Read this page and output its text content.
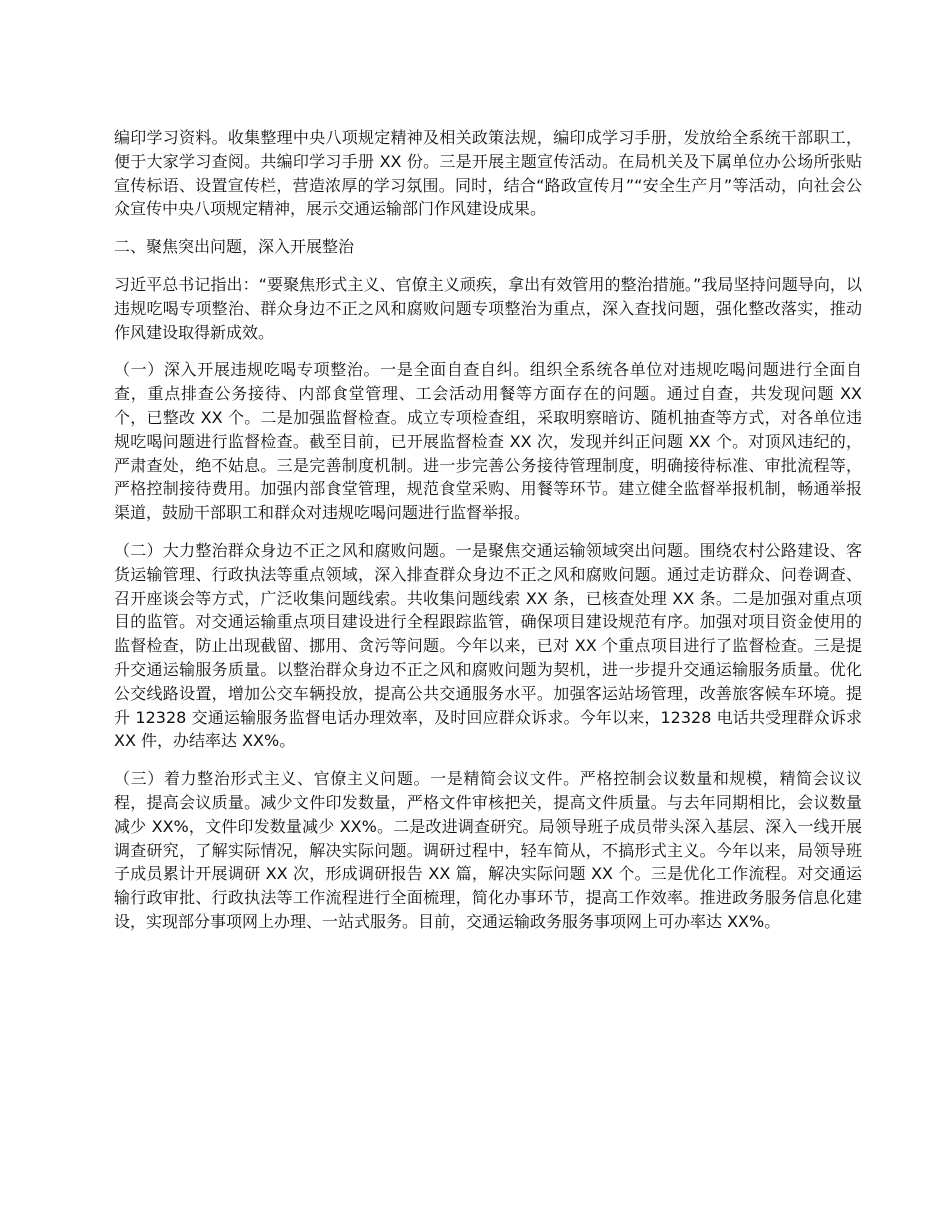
编印学习资料。收集整理中央八项规定精神及相关政策法规，编印成学习手册，发放给全系统干部职工，便于大家学习查阅。共编印学习手册 XX 份。三是开展主题宣传活动。在局机关及下属单位办公场所张贴宣传标语、设置宣传栏，营造浓厚的学习氛围。同时，结合“路政宣传月”“安全生产月”等活动，向社会公众宣传中央八项规定精神，展示交通运输部门作风建设成果。

二、聚焦突出问题，深入开展整治

习近平总书记指出：“要聚焦形式主义、官僚主义顽疾，拿出有效管用的整治措施。”我局坚持问题导向，以违规吃喝专项整治、群众身边不正之风和腐败问题专项整治为重点，深入查找问题，强化整改落实，推动作风建设取得新成效。

（一）深入开展违规吃喝专项整治。一是全面自查自纠。组织全系统各单位对违规吃喝问题进行全面自查，重点排查公务接待、内部食堂管理、工会活动用餐等方面存在的问题。通过自查，共发现问题 XX 个，已整改 XX 个。二是加强监督检查。成立专项检查组，采取明察暗访、随机抽查等方式，对各单位违规吃喝问题进行监督检查。截至目前，已开展监督检查 XX 次，发现并纠正问题 XX 个。对顶风违纪的，严肃查处，绝不姑息。三是完善制度机制。进一步完善公务接待管理制度，明确接待标准、审批流程等，严格控制接待费用。加强内部食堂管理，规范食堂采购、用餐等环节。建立健全监督举报机制，畅通举报渠道，鼓励干部职工和群众对违规吃喝问题进行监督举报。

（二）大力整治群众身边不正之风和腐败问题。一是聚焦交通运输领域突出问题。围绕农村公路建设、客货运输管理、行政执法等重点领域，深入排查群众身边不正之风和腐败问题。通过走访群众、问卷调查、召开座谈会等方式，广泛收集问题线索。共收集问题线索 XX 条，已核查处理 XX 条。二是加强对重点项目的监管。对交通运输重点项目建设进行全程跟踪监管，确保项目建设规范有序。加强对项目资金使用的监督检查，防止出现截留、挪用、贪污等问题。今年以来，已对 XX 个重点项目进行了监督检查。三是提升交通运输服务质量。以整治群众身边不正之风和腐败问题为契机，进一步提升交通运输服务质量。优化公交线路设置，增加公交车辆投放，提高公共交通服务水平。加强客运站场管理，改善旅客候车环境。提升 12328 交通运输服务监督电话办理效率，及时回应群众诉求。今年以来，12328 电话共受理群众诉求 XX 件，办结率达 XX%。

（三）着力整治形式主义、官僚主义问题。一是精简会议文件。严格控制会议数量和规模，精简会议议程，提高会议质量。减少文件印发数量，严格文件审核把关，提高文件质量。与去年同期相比，会议数量减少 XX%，文件印发数量减少 XX%。二是改进调查研究。局领导班子成员带头深入基层、深入一线开展调查研究，了解实际情况，解决实际问题。调研过程中，轻车简从，不搞形式主义。今年以来，局领导班子成员累计开展调研 XX 次，形成调研报告 XX 篇，解决实际问题 XX 个。三是优化工作流程。对交通运输行政审批、行政执法等工作流程进行全面梳理，简化办事环节，提高工作效率。推进政务服务信息化建设，实现部分事项网上办理、一站式服务。目前，交通运输政务服务事项网上可办率达 XX%。
